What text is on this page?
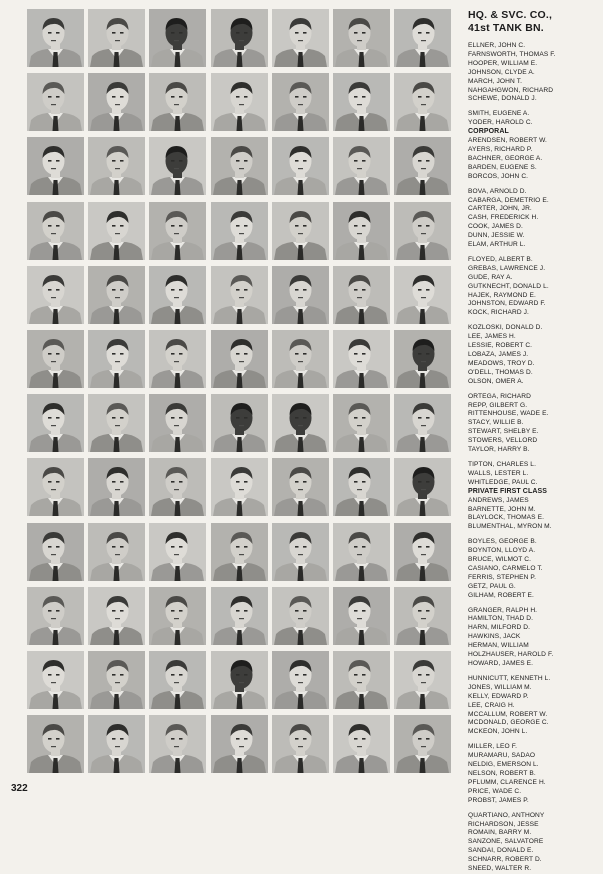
HQ. & SVC. CO.,
41st TANK BN.
ELLNER, JOHN C.
FARNSWORTH, THOMAS F.
HOOPER, WILLIAM E.
JOHNSON, CLYDE A.
MARCH, JOHN T.
NAHGAHGWON, RICHARD
SCHEWE, DONALD J.
SMITH, EUGENE A.
YODER, HAROLD C.
CORPORAL
ARENDSEN, ROBERT W.
AYERS, RICHARD P.
BACHNER, GEORGE A.
BARDEN, EUGENE S.
BORCOS, JOHN C.
BOVA, ARNOLD D.
CABARGA, DEMETRIO E.
CARTER, JOHN, JR.
CASH, FREDERICK H.
COOK, JAMES D.
DUNN, JESSIE W.
ELAM, ARTHUR L.
FLOYED, ALBERT B.
GREBAS, LAWRENCE J.
GUDE, RAY A.
GUTKNECHT, DONALD L.
HAJEK, RAYMOND E.
JOHNSTON, EDWARD F.
KOCK, RICHARD J.
KOZLOSKI, DONALD D.
LEE, JAMES H.
LESSIE, ROBERT C.
LOBAZA, JAMES J.
MEADOWS, TROY D.
O'DELL, THOMAS D.
OLSON, OMER A.
ORTEGA, RICHARD
REPP, GILBERT G.
RITTENHOUSE, WADE E.
STACY, WILLIE B.
STEWART, SHELBY E.
STOWERS, VELLORD
TAYLOR, HARRY B.
TIPTON, CHARLES L.
WALLS, LESTER L.
WHITLEDGE, PAUL C.
PRIVATE FIRST CLASS
ANDREWS, JAMES
BARNETTE, JOHN M.
BLAYLOCK, THOMAS E.
BLUMENTHAL, MYRON M.
BOYLES, GEORGE B.
BOYNTON, LLOYD A.
BRUCE, WILMOT C.
CASIANO, CARMELO T.
FERRIS, STEPHEN P.
GETZ, PAUL G.
GILHAM, ROBERT E.
GRANGER, RALPH H.
HAMILTON, THAD D.
HARN, MILFORD D.
HAWKINS, JACK
HERMAN, WILLIAM
HOLZHAUSER, HAROLD F.
HOWARD, JAMES E.
HUNNICUTT, KENNETH L.
JONES, WILLIAM M.
KELLY, EDWARD P.
LEE, CRAIG H.
MCCALLUM, ROBERT W.
MCDONALD, GEORGE C.
MCKEON, JOHN L.
MILLER, LEO F.
MURAMARU, SADAO
NELDIG, EMERSON L.
NELSON, ROBERT B.
PFLUMM, CLARENCE H.
PRICE, WADE C.
PROBST, JAMES P.
QUARTIANO, ANTHONY
RICHARDSON, JESSE
ROMAIN, BARRY M.
SANZONE, SALVATORE
SANDAI, DONALD E.
SCHNARR, ROBERT D.
SNEED, WALTER R.
322
